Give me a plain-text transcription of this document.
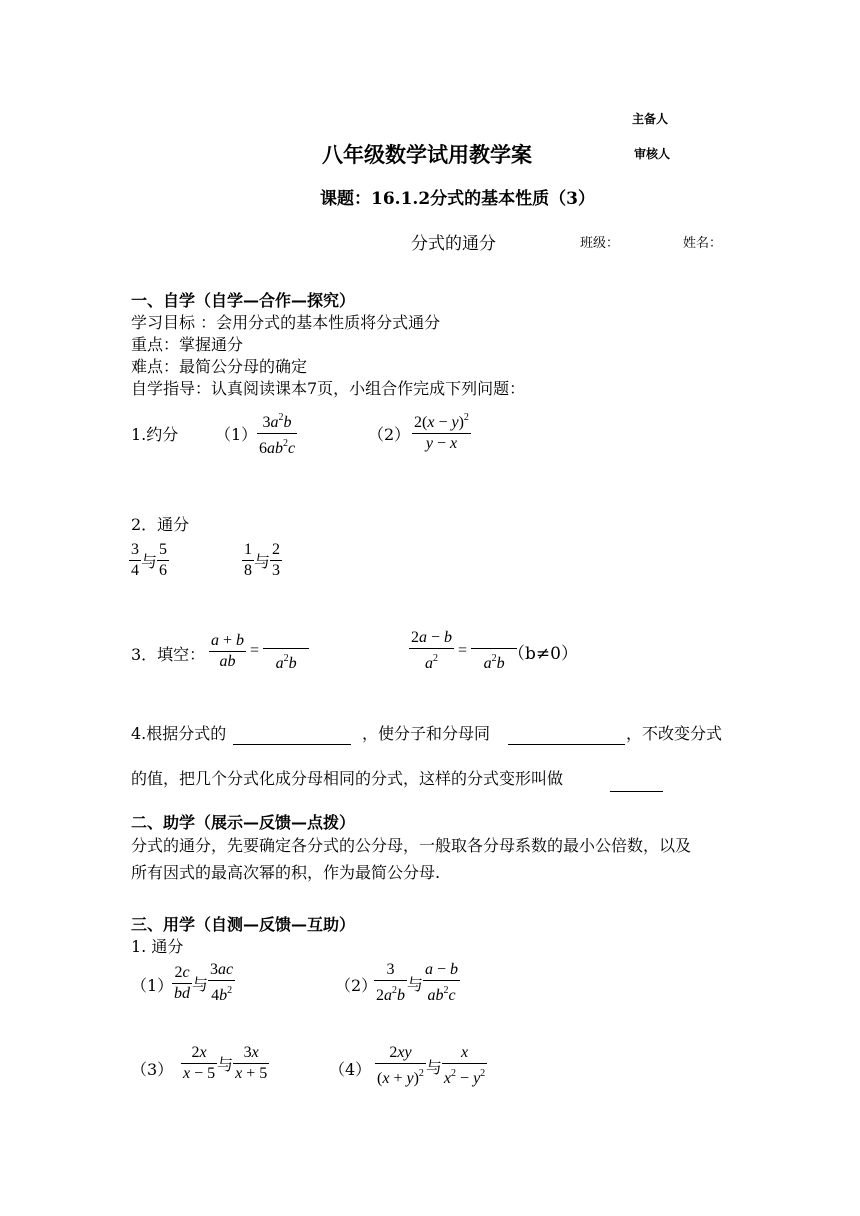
主备人
八年级数学试用教学案	审核人
课题：16.1.2分式的基本性质（3）
分式的通分	班级：	姓名：
一、自学（自学—合作—探究）
学习目标 ：会用分式的基本性质将分式通分
重点：掌握通分
难点：最简公分母的确定
自学指导：认真阅读课本7页，小组合作完成下列问题：
1.约分 $(1) \frac{3a^2b}{6ab^2c}$	$(2) \frac{2(x - y)^2}{y - x}$
2．通分
$\frac{3}{4}$ 与 $\frac{5}{6}$	$\frac{1}{8}$ 与 $\frac{2}{3}$
3．填空： $\frac{a + b}{ab}$ =

$a^2b$	$\frac{2a - b}{a^2}$ =

$a^2b$ （b≠0）
4.根据分式的	，使分子和分母同	，不改变分式
的值，把几个分式化成分母相同的分式，这样的分式变形叫做
二、助学（展示—反馈—点拨）
分式的通分，先要确定各分式的公分母，一般取各分母系数的最小公倍数，以及
所有因式的最高次幂的积，作为最简公分母.
三、用学（自测—反馈—互助）
1. 通分
（1）
$\frac{2c}{bd}$ 与 $\frac{3ac}{4b^2}$	（2）
$\frac{3}{2a^2b}$ 与 $\frac{a - b}{ab^2c}$
$(3) \frac{2x}{x - 5}$ 与 $\frac{3x}{x + 5}$	$(4) \frac{2xy}{(x + y)^2}$ 与 $\frac{x}{x^2 - y^2}$
